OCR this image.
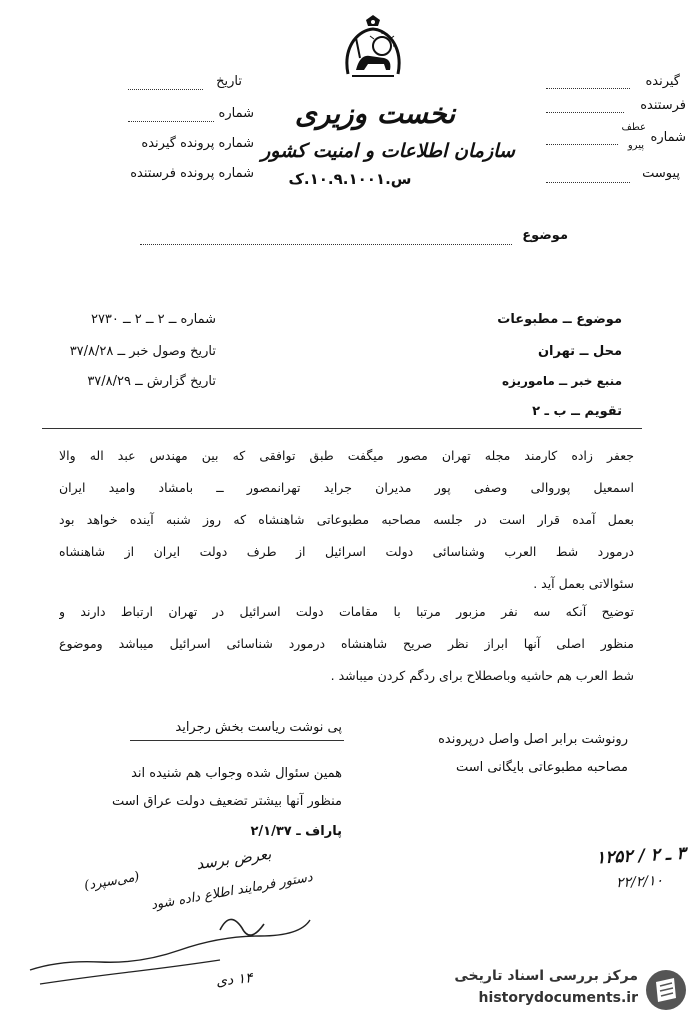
نخست وزیری
سازمان اطلاعات و امنیت کشور
س.۱۰.۹.۱۰۰۱.ک
گیرنده
فرستنده
شماره
عطف
پیرو
پیوست
تاریخ
شماره
شماره پرونده گیرنده
شماره پرونده فرستنده
موضوع
موضوع ــ مطبوعات
محل ــ تهران
منبع خبر ــ ماموریزه
تقویم ــ ب ـ ۲
شماره ــ ۲ ــ ۲ ــ ۲۷۳۰
تاریخ وصول خبر ــ ۳۷/۸/۲۸
تاریخ گزارش ــ ۳۷/۸/۲۹
جعفر زاده کارمند مجله تهران مصور میگفت طبق توافقی که بین مهندس عبد اله والا
اسمعیل پوروالی وصفی پور مدیران جراید تهرانمصور ــ بامشاد وامید ایران
بعمل آمده قرار است در جلسه مصاحبه مطبوعاتی شاهنشاه که روز شنبه آینده خواهد بود
درمورد شط العرب وشناسائی دولت اسرائیل از طرف دولت ایران از شاهنشاه
سئوالاتی بعمل آید .
توضیح آنکه سه نفر مزبور مرتبا با مقامات دولت اسرائیل در تهران ارتباط دارند و
منظور اصلی آنها ابراز نظر صریح شاهنشاه درمورد شناسائی اسرائیل میباشد وموضوع
شط العرب هم حاشیه وباصطلاح برای ردگم کردن میباشد .
پی نوشت ریاست بخش رجراید
همین سئوال شده وجواب هم شنیده اند
منظور آنها بیشتر تضعیف دولت عراق است
پاراف ـ ۲/۱/۳۷
رونوشت برابر اصل واصل درپرونده
مصاحبه مطبوعاتی بایگانی است
بعرض برسد
دستور فرمایند اطلاع داده شود
(می‌سپرد)
۱۴ دی
۳ ـ ۲ / ۱۲۵۲
۲۲/۲/۱۰
مرکز بررسی اسناد تاریخی
historydocuments.ir
